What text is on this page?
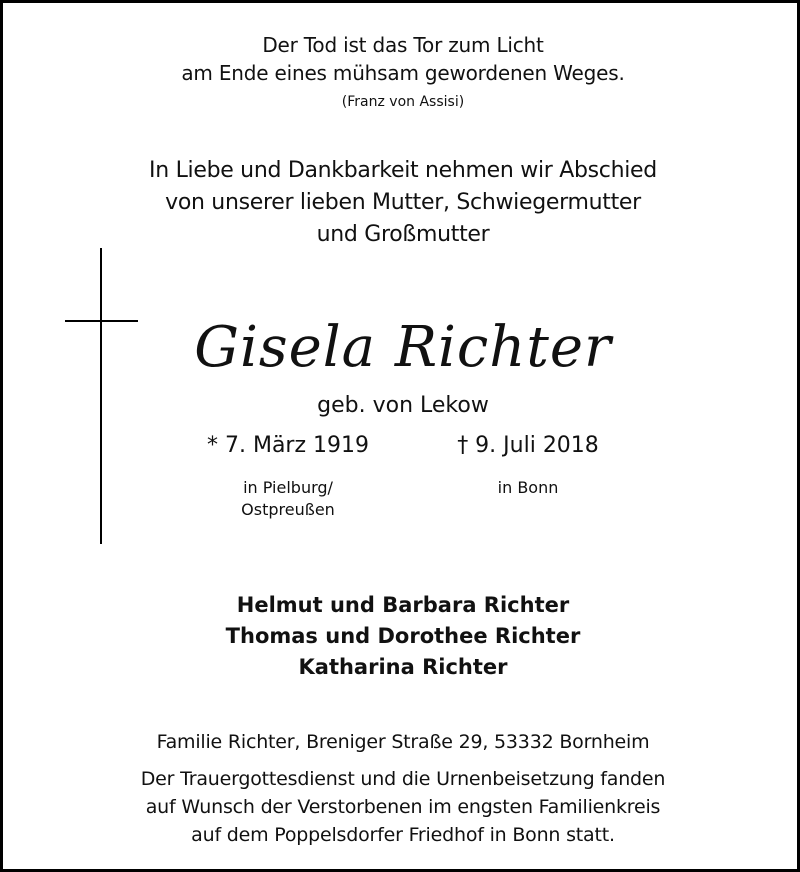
Der Tod ist das Tor zum Licht
am Ende eines mühsam gewordenen Weges.
(Franz von Assisi)
In Liebe und Dankbarkeit nehmen wir Abschied
von unserer lieben Mutter, Schwiegermutter
und Großmutter
Gisela Richter
geb. von Lekow
* 7. März 1919	† 9. Juli 2018
in Pielburg/
Ostpreußen
in Bonn
Helmut und Barbara Richter
Thomas und Dorothee Richter
Katharina Richter
Familie Richter, Breniger Straße 29, 53332 Bornheim
Der Trauergottesdienst und die Urnenbeisetzung fanden
auf Wunsch der Verstorbenen im engsten Familienkreis
auf dem Poppelsdorfer Friedhof in Bonn statt.
